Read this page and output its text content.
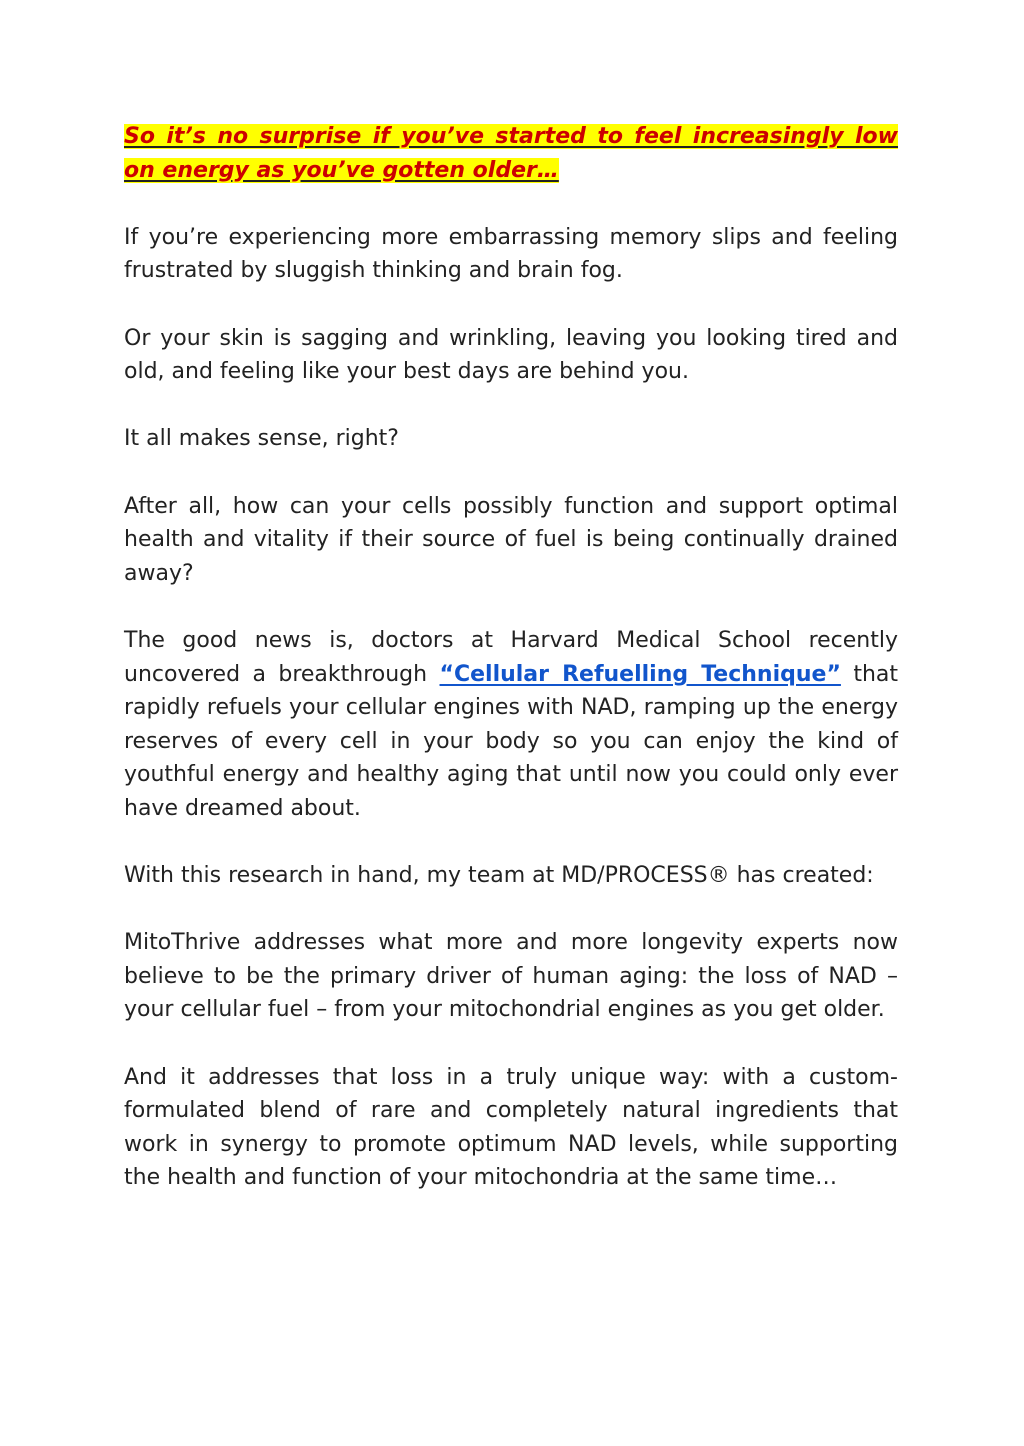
So it’s no surprise if you’ve started to feel increasingly low on energy as you’ve gotten older…

If you’re experiencing more embarrassing memory slips and feeling frustrated by sluggish thinking and brain fog.

Or your skin is sagging and wrinkling, leaving you looking tired and old, and feeling like your best days are behind you.

It all makes sense, right?

After all, how can your cells possibly function and support optimal health and vitality if their source of fuel is being continually drained away?

The good news is, doctors at Harvard Medical School recently uncovered a breakthrough “Cellular Refuelling Technique” that rapidly refuels your cellular engines with NAD, ramping up the energy reserves of every cell in your body so you can enjoy the kind of youthful energy and healthy aging that until now you could only ever have dreamed about.

With this research in hand, my team at MD/PROCESS® has created:

MitoThrive addresses what more and more longevity experts now believe to be the primary driver of human aging: the loss of NAD – your cellular fuel – from your mitochondrial engines as you get older.

And it addresses that loss in a truly unique way: with a custom-formulated blend of rare and completely natural ingredients that work in synergy to promote optimum NAD levels, while supporting the health and function of your mitochondria at the same time…
